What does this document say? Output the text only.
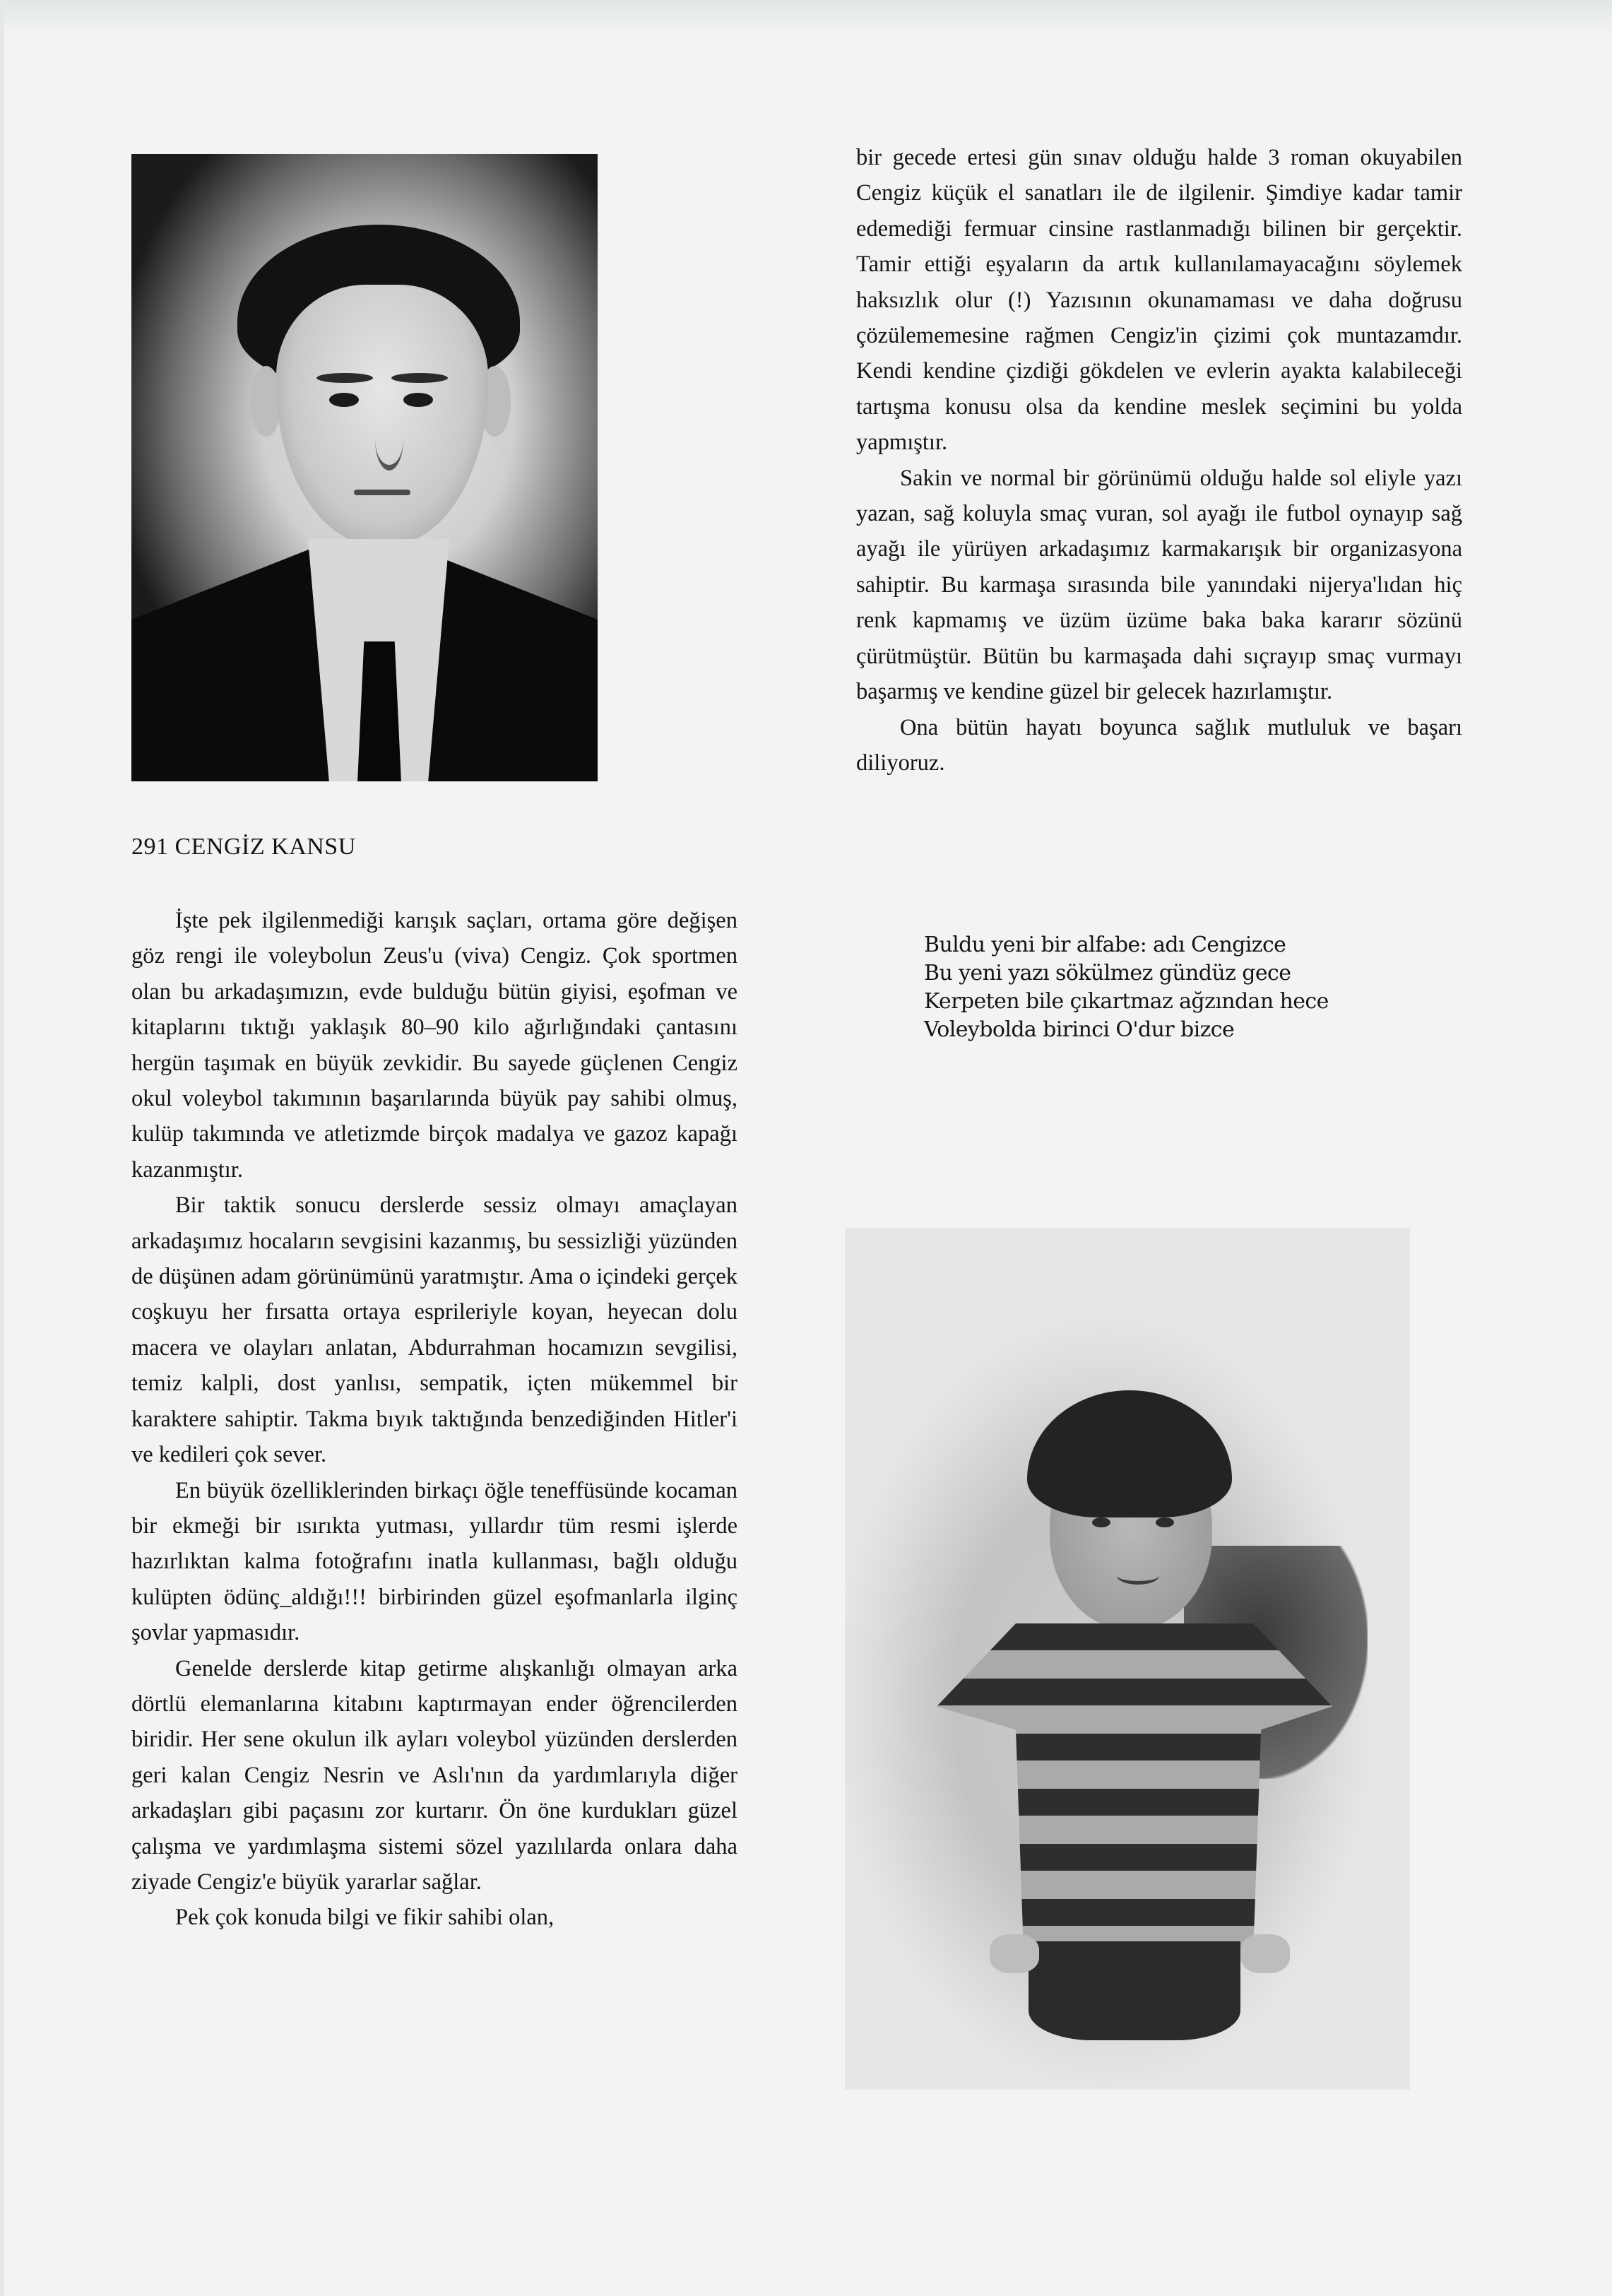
291 CENGİZ KANSU

İşte pek ilgilenmediği karışık saçları, ortama göre değişen göz rengi ile voleybolun Zeus'u (viva) Cengiz. Çok sportmen olan bu arkadaşımızın, evde bulduğu bütün giyisi, eşofman ve kitaplarını tıktığı yaklaşık 80–90 kilo ağırlığındaki çantasını hergün taşımak en büyük zevkidir. Bu sayede güçlenen Cengiz okul voleybol takımının başarılarında büyük pay sahibi olmuş, kulüp takımında ve atletizmde birçok madalya ve gazoz kapağı kazanmıştır.

Bir taktik sonucu derslerde sessiz olmayı amaçlayan arkadaşımız hocaların sevgisini kazanmış, bu sessizliği yüzünden de düşünen adam görünümünü yaratmıştır. Ama o içindeki gerçek coşkuyu her fırsatta ortaya esprileriyle koyan, heyecan dolu macera ve olayları anlatan, Abdurrahman hocamızın sevgilisi, temiz kalpli, dost yanlısı, sempatik, içten mükemmel bir karaktere sahiptir. Takma bıyık taktığında benzediğinden Hitler'i ve kedileri çok sever.

En büyük özelliklerinden birkaçı öğle teneffüsünde kocaman bir ekmeği bir ısırıkta yutması, yıllardır tüm resmi işlerde hazırlıktan kalma fotoğrafını inatla kullanması, bağlı olduğu kulüpten ödünç_aldığı!!! birbirinden güzel eşofmanlarla ilginç şovlar yapmasıdır.

Genelde derslerde kitap getirme alışkanlığı olmayan arka dörtlü elemanlarına kitabını kaptırmayan ender öğrencilerden biridir. Her sene okulun ilk ayları voleybol yüzünden derslerden geri kalan Cengiz Nesrin ve Aslı'nın da yardımlarıyla diğer arkadaşları gibi paçasını zor kurtarır. Ön öne kurdukları güzel çalışma ve yardımlaşma sistemi sözel yazılılarda onlara daha ziyade Cengiz'e büyük yararlar sağlar.

Pek çok konuda bilgi ve fikir sahibi olan,

bir gecede ertesi gün sınav olduğu halde 3 roman okuyabilen Cengiz küçük el sanatları ile de ilgilenir. Şimdiye kadar tamir edemediği fermuar cinsine rastlanmadığı bilinen bir gerçektir. Tamir ettiği eşyaların da artık kullanılamayacağını söylemek haksızlık olur (!) Yazısının okunamaması ve daha doğrusu çözülememesine rağmen Cengiz'in çizimi çok muntazamdır. Kendi kendine çizdiği gökdelen ve evlerin ayakta kalabileceği tartışma konusu olsa da kendine meslek seçimini bu yolda yapmıştır.

Sakin ve normal bir görünümü olduğu halde sol eliyle yazı yazan, sağ koluyla smaç vuran, sol ayağı ile futbol oynayıp sağ ayağı ile yürüyen arkadaşımız karmakarışık bir organizasyona sahiptir. Bu karmaşa sırasında bile yanındaki nijerya'lıdan hiç renk kapmamış ve üzüm üzüme baka baka kararır sözünü çürütmüştür. Bütün bu karmaşada dahi sıçrayıp smaç vurmayı başarmış ve kendine güzel bir gelecek hazırlamıştır.

Ona bütün hayatı boyunca sağlık mutluluk ve başarı diliyoruz.

Buldu yeni bir alfabe: adı Cengizce
Bu yeni yazı sökülmez gündüz gece
Kerpeten bile çıkartmaz ağzından hece
Voleybolda birinci O'dur bizce
